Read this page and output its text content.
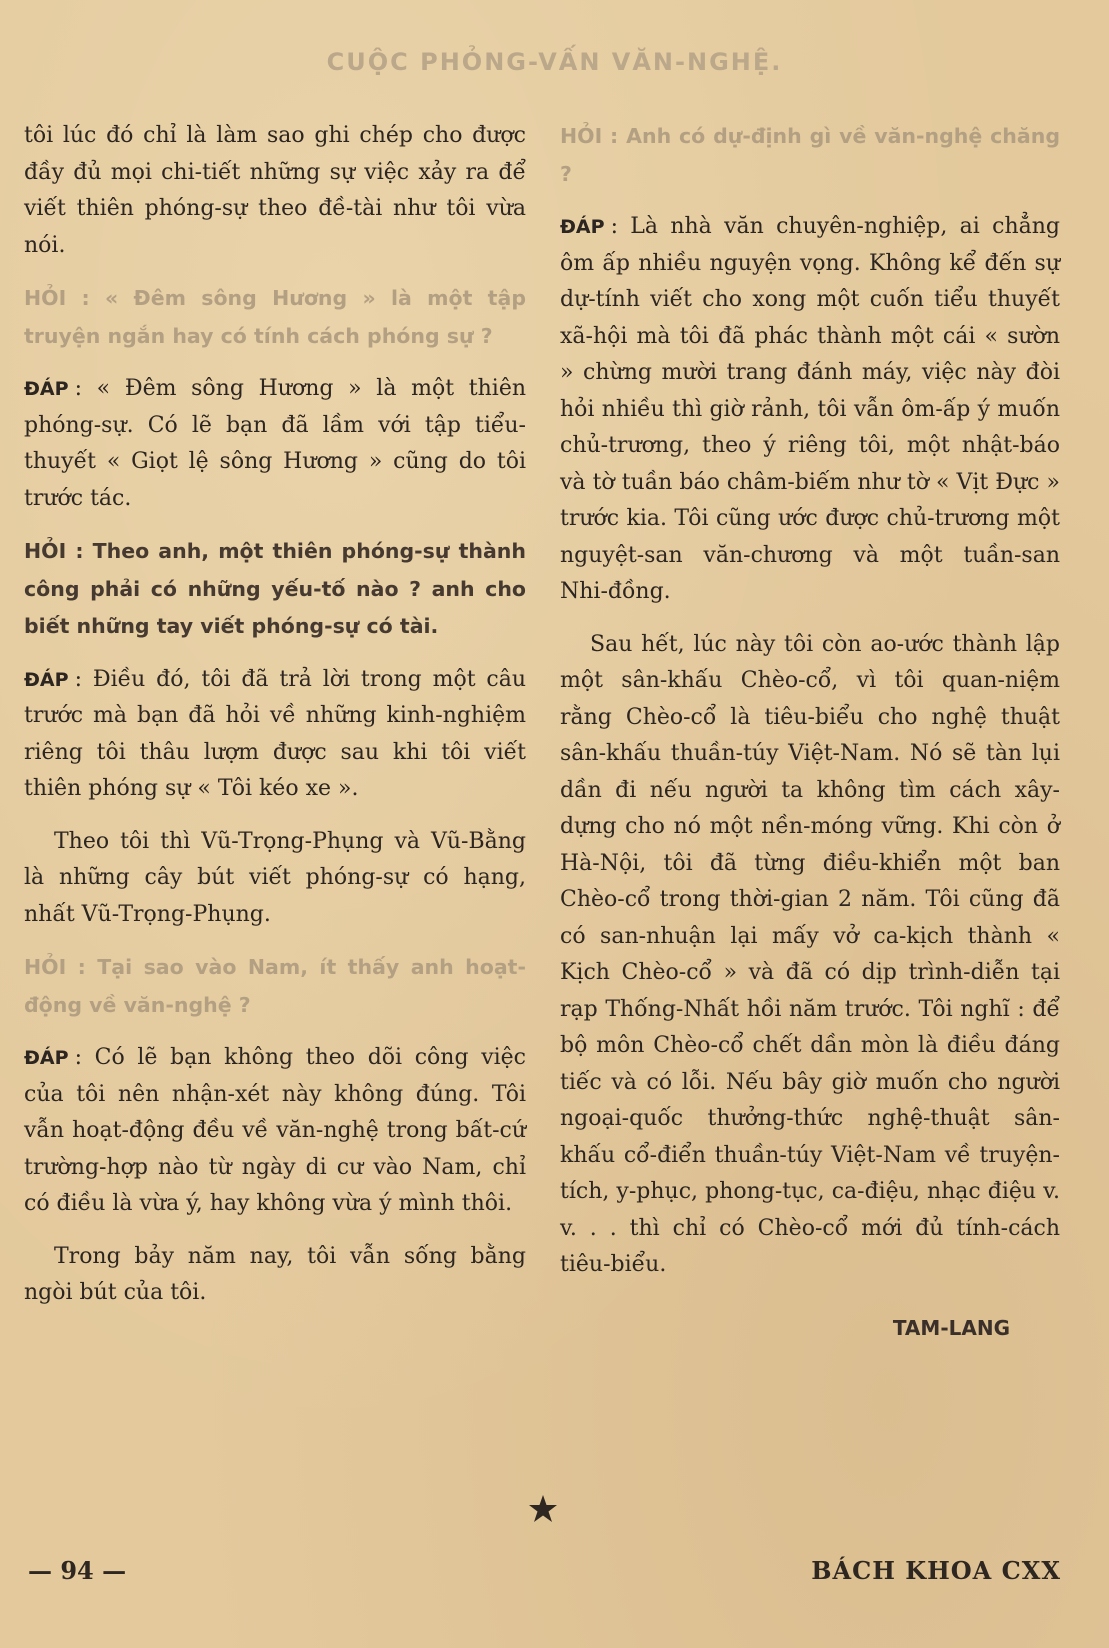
CUỘC PHỎNG-VẤN VĂN-NGHỆ.

tôi lúc đó chỉ là làm sao ghi chép cho được đầy đủ mọi chi-tiết những sự việc xảy ra để viết thiên phóng-sự theo đề-tài như tôi vừa nói.

HỎI : « Đêm sông Hương » là một tập truyện ngắn hay có tính cách phóng sự ?

ĐÁP : « Đêm sông Hương » là một thiên phóng-sự. Có lẽ bạn đã lầm với tập tiểu-thuyết « Giọt lệ sông Hương » cũng do tôi trước tác.

HỎI : Theo anh, một thiên phóng-sự thành công phải có những yếu-tố nào ? anh cho biết những tay viết phóng-sự có tài.

ĐÁP : Điều đó, tôi đã trả lời trong một câu trước mà bạn đã hỏi về những kinh-nghiệm riêng tôi thâu lượm được sau khi tôi viết thiên phóng sự « Tôi kéo xe ».

Theo tôi thì Vũ-Trọng-Phụng và Vũ-Bằng là những cây bút viết phóng-sự có hạng, nhất Vũ-Trọng-Phụng.

HỎI : Tại sao vào Nam, ít thấy anh hoạt-động về văn-nghệ ?

ĐÁP : Có lẽ bạn không theo dõi công việc của tôi nên nhận-xét này không đúng. Tôi vẫn hoạt-động đều về văn-nghệ trong bất-cứ trường-hợp nào từ ngày di cư vào Nam, chỉ có điều là vừa ý, hay không vừa ý mình thôi.

Trong bảy năm nay, tôi vẫn sống bằng ngòi bút của tôi.

HỎI : Anh có dự-định gì về văn-nghệ chăng ?

ĐÁP : Là nhà văn chuyên-nghiệp, ai chẳng ôm ấp nhiều nguyện vọng. Không kể đến sự dự-tính viết cho xong một cuốn tiểu thuyết xã-hội mà tôi đã phác thành một cái « sườn » chừng mười trang đánh máy, việc này đòi hỏi nhiều thì giờ rảnh, tôi vẫn ôm-ấp ý muốn chủ-trương, theo ý riêng tôi, một nhật-báo và tờ tuần báo châm-biếm như tờ « Vịt Đực » trước kia. Tôi cũng ước được chủ-trương một nguyệt-san văn-chương và một tuần-san Nhi-đồng.

Sau hết, lúc này tôi còn ao-ước thành lập một sân-khấu Chèo-cổ, vì tôi quan-niệm rằng Chèo-cổ là tiêu-biểu cho nghệ thuật sân-khấu thuần-túy Việt-Nam. Nó sẽ tàn lụi dần đi nếu người ta không tìm cách xây-dựng cho nó một nền-móng vững. Khi còn ở Hà-Nội, tôi đã từng điều-khiển một ban Chèo-cổ trong thời-gian 2 năm. Tôi cũng đã có san-nhuận lại mấy vở ca-kịch thành « Kịch Chèo-cổ » và đã có dịp trình-diễn tại rạp Thống-Nhất hồi năm trước. Tôi nghĩ : để bộ môn Chèo-cổ chết dần mòn là điều đáng tiếc và có lỗi. Nếu bây giờ muốn cho người ngoại-quốc thưởng-thức nghệ-thuật sân-khấu cổ-điển thuần-túy Việt-Nam về truyện-tích, y-phục, phong-tục, ca-điệu, nhạc điệu v. v. . . thì chỉ có Chèo-cổ mới đủ tính-cách tiêu-biểu.

TAM-LANG
— 94 —	BÁCH KHOA CXX
